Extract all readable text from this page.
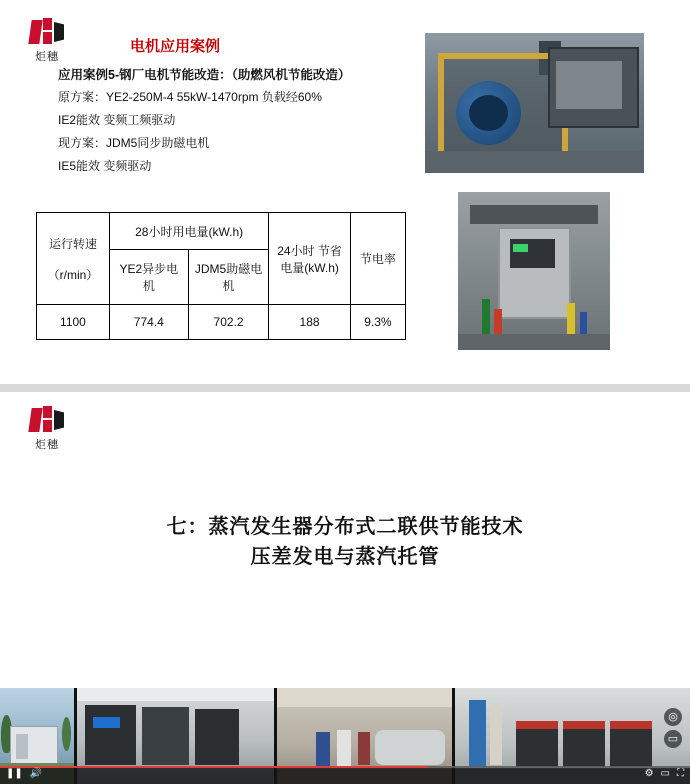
炬穗
电机应用案例
应用案例5-钢厂电机节能改造：（助燃风机节能改造）
原方案：YE2-250M-4 55kW-1470rpm 负载经60%
IE2能效 变频工频驱动
现方案：JDM5同步助磁电机
IE5能效 变频驱动
运行转速
（r/min）	28小时用电量(kW.h)		24小时 节省电量(kW.h)	节电率
	YE2异步电机	JDM5助磁电机		
1100	774.4	702.2	188	9.3%
炬穗
七：蒸汽发生器分布式二联供节能技术
压差发电与蒸汽托管
◎
▭
❚❚ 🔊	⚙ ▭ ⛶
